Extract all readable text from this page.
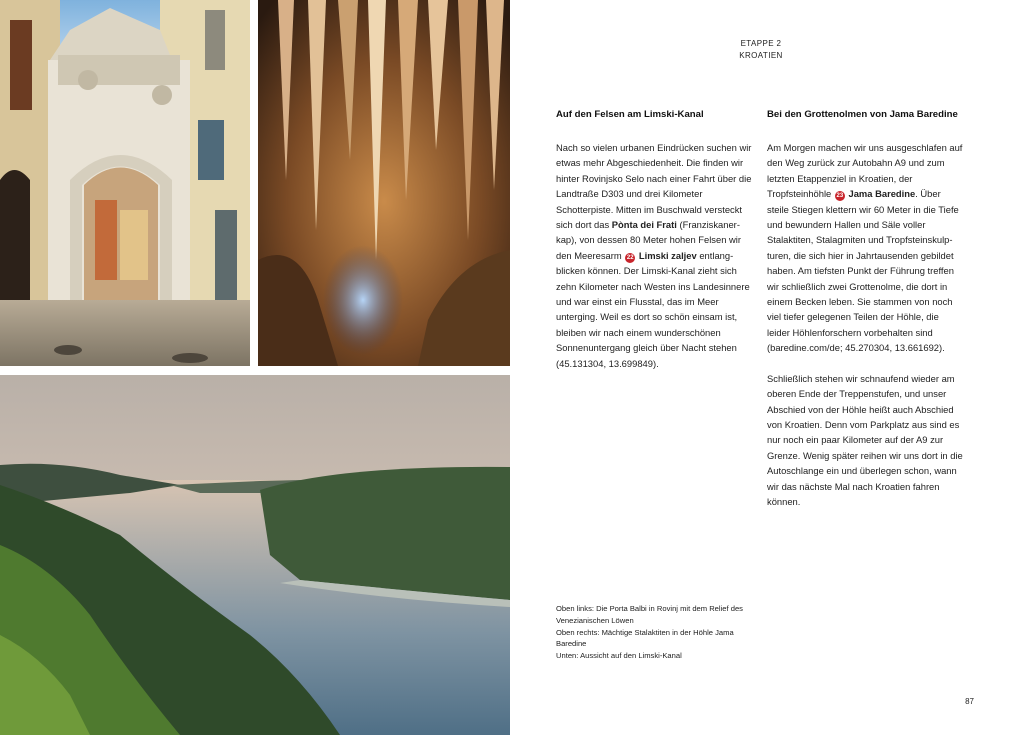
ETAPPE 2
KROATIEN
Auf den Felsen am Limski-Kanal

Nach so vielen urbanen Eindrücken suchen wir etwas mehr Abgeschiedenheit. Die finden wir hinter Rovinjsko Selo nach einer Fahrt über die Landtraße D303 und drei Kilometer Schotterpiste. Mitten im Buschwald versteckt sich dort das Pònta dei Frati (Franziskanerkap), von dessen 80 Meter hohen Felsen wir den Meeresarm 22 Limski zaljev entlangblicken können. Der Limski-Kanal zieht sich zehn Kilometer nach Westen ins Landesinnere und war einst ein Flusstal, das im Meer unterging. Weil es dort so schön einsam ist, bleiben wir nach einem wunderschönen Sonnenuntergang gleich über Nacht stehen (45.131304, 13.699849).

Bei den Grottenolmen von Jama Baredine

Am Morgen machen wir uns ausgeschlafen auf den Weg zurück zur Autobahn A9 und zum letzten Etappenziel in Kroatien, der Tropfsteinhöhle 23 Jama Baredine. Über steile Stiegen klettern wir 60 Meter in die Tiefe und bewundern Hallen und Säle voller Stalaktiten, Stalagmiten und Tropfsteinskulpturen, die sich hier in Jahrtausenden gebildet haben. Am tiefsten Punkt der Führung treffen wir schließlich zwei Grottenolme, die dort in einem Becken leben. Sie stammen von noch viel tiefer gelegenen Teilen der Höhle, die leider Höhlenforschern vorbehalten sind (baredine.com/de; 45.270304, 13.661692).

Schließlich stehen wir schnaufend wieder am oberen Ende der Treppenstufen, und unser Abschied von der Höhle heißt auch Abschied von Kroatien. Denn vom Parkplatz aus sind es nur noch ein paar Kilometer auf der A9 zur Grenze. Wenig später reihen wir uns dort in die Autoschlange ein und überlegen schon, wann wir das nächste Mal nach Kroatien fahren können.

Oben links: Die Porta Balbi in Rovinj mit dem Relief des Venezianischen Löwen
Oben rechts: Mächtige Stalaktiten in der Höhle Jama Baredine
Unten: Aussicht auf den Limski-Kanal
87
